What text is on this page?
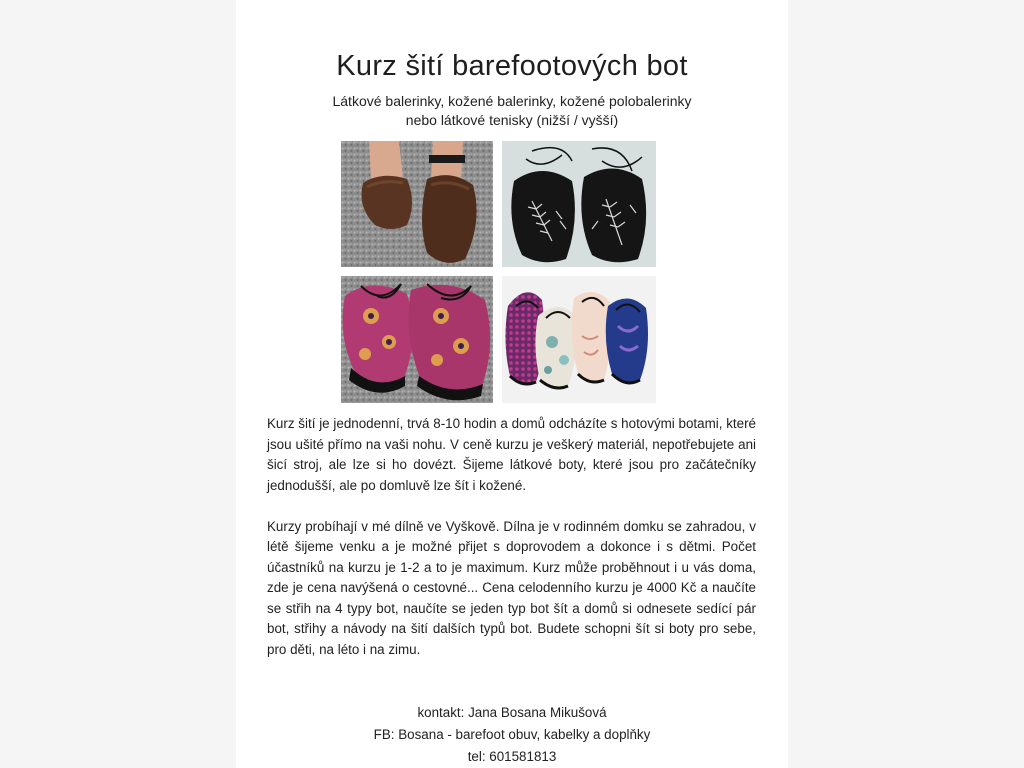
Kurz šití barefootových bot
Látkové balerinky, kožené balerinky, kožené polobalerinky
nebo látkové tenisky (nižší / vyšší)

Kurz šití je jednodenní, trvá 8-10 hodin a domů odcházíte s hotovými botami, které jsou ušité přímo na vaši nohu. V ceně kurzu je veškerý materiál, nepotřebujete ani šicí stroj, ale lze si ho dovézt. Šijeme látkové boty, které jsou pro začátečníky jednodušší, ale po domluvě lze šít i kožené.

Kurzy probíhají v mé dílně ve Vyškově. Dílna je v rodinném domku se zahradou, v létě šijeme venku a je možné přijet s doprovodem a dokonce i s dětmi. Počet účastníků na kurzu je 1-2 a to je maximum. Kurz může proběhnout i u vás doma, zde je cena navýšená o cestovné... Cena celodenního kurzu je 4000 Kč a naučíte se střih na 4 typy bot, naučíte se jeden typ bot šít a domů si odnesete sedící pár bot, střihy a návody na šití dalších typů bot. Budete schopni šít si boty pro sebe, pro děti, na léto i na zimu.

kontakt: Jana Bosana Mikušová
FB: Bosana - barefoot obuv, kabelky a doplňky
tel: 601581813
